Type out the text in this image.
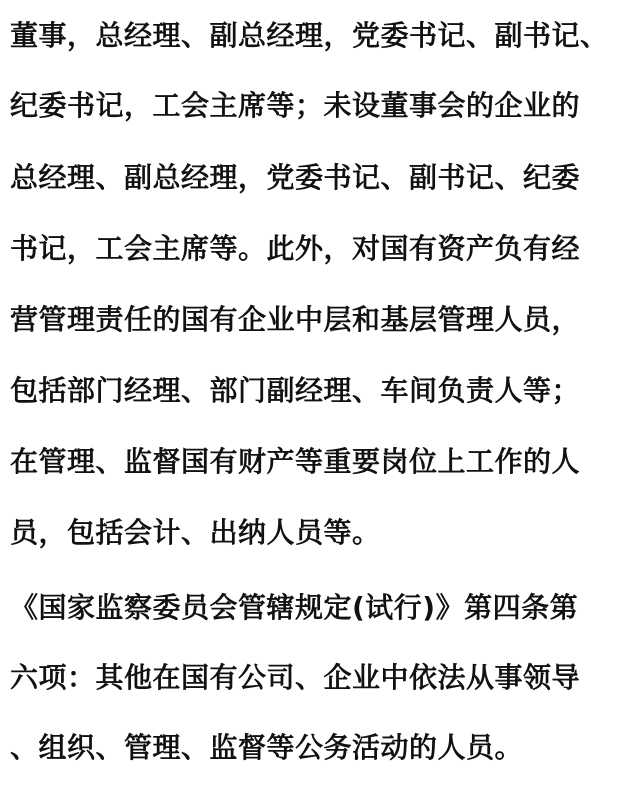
董事，总经理、副总经理，党委书记、副书记、
纪委书记，工会主席等；未设董事会的企业的
总经理、副总经理，党委书记、副书记、纪委
书记，工会主席等。此外，对国有资产负有经
营管理责任的国有企业中层和基层管理人员，
包括部门经理、部门副经理、车间负责人等；
在管理、监督国有财产等重要岗位上工作的人
员，包括会计、出纳人员等。
《国家监察委员会管辖规定(试行)》第四条第
六项：其他在国有公司、企业中依法从事领导
、组织、管理、监督等公务活动的人员。
